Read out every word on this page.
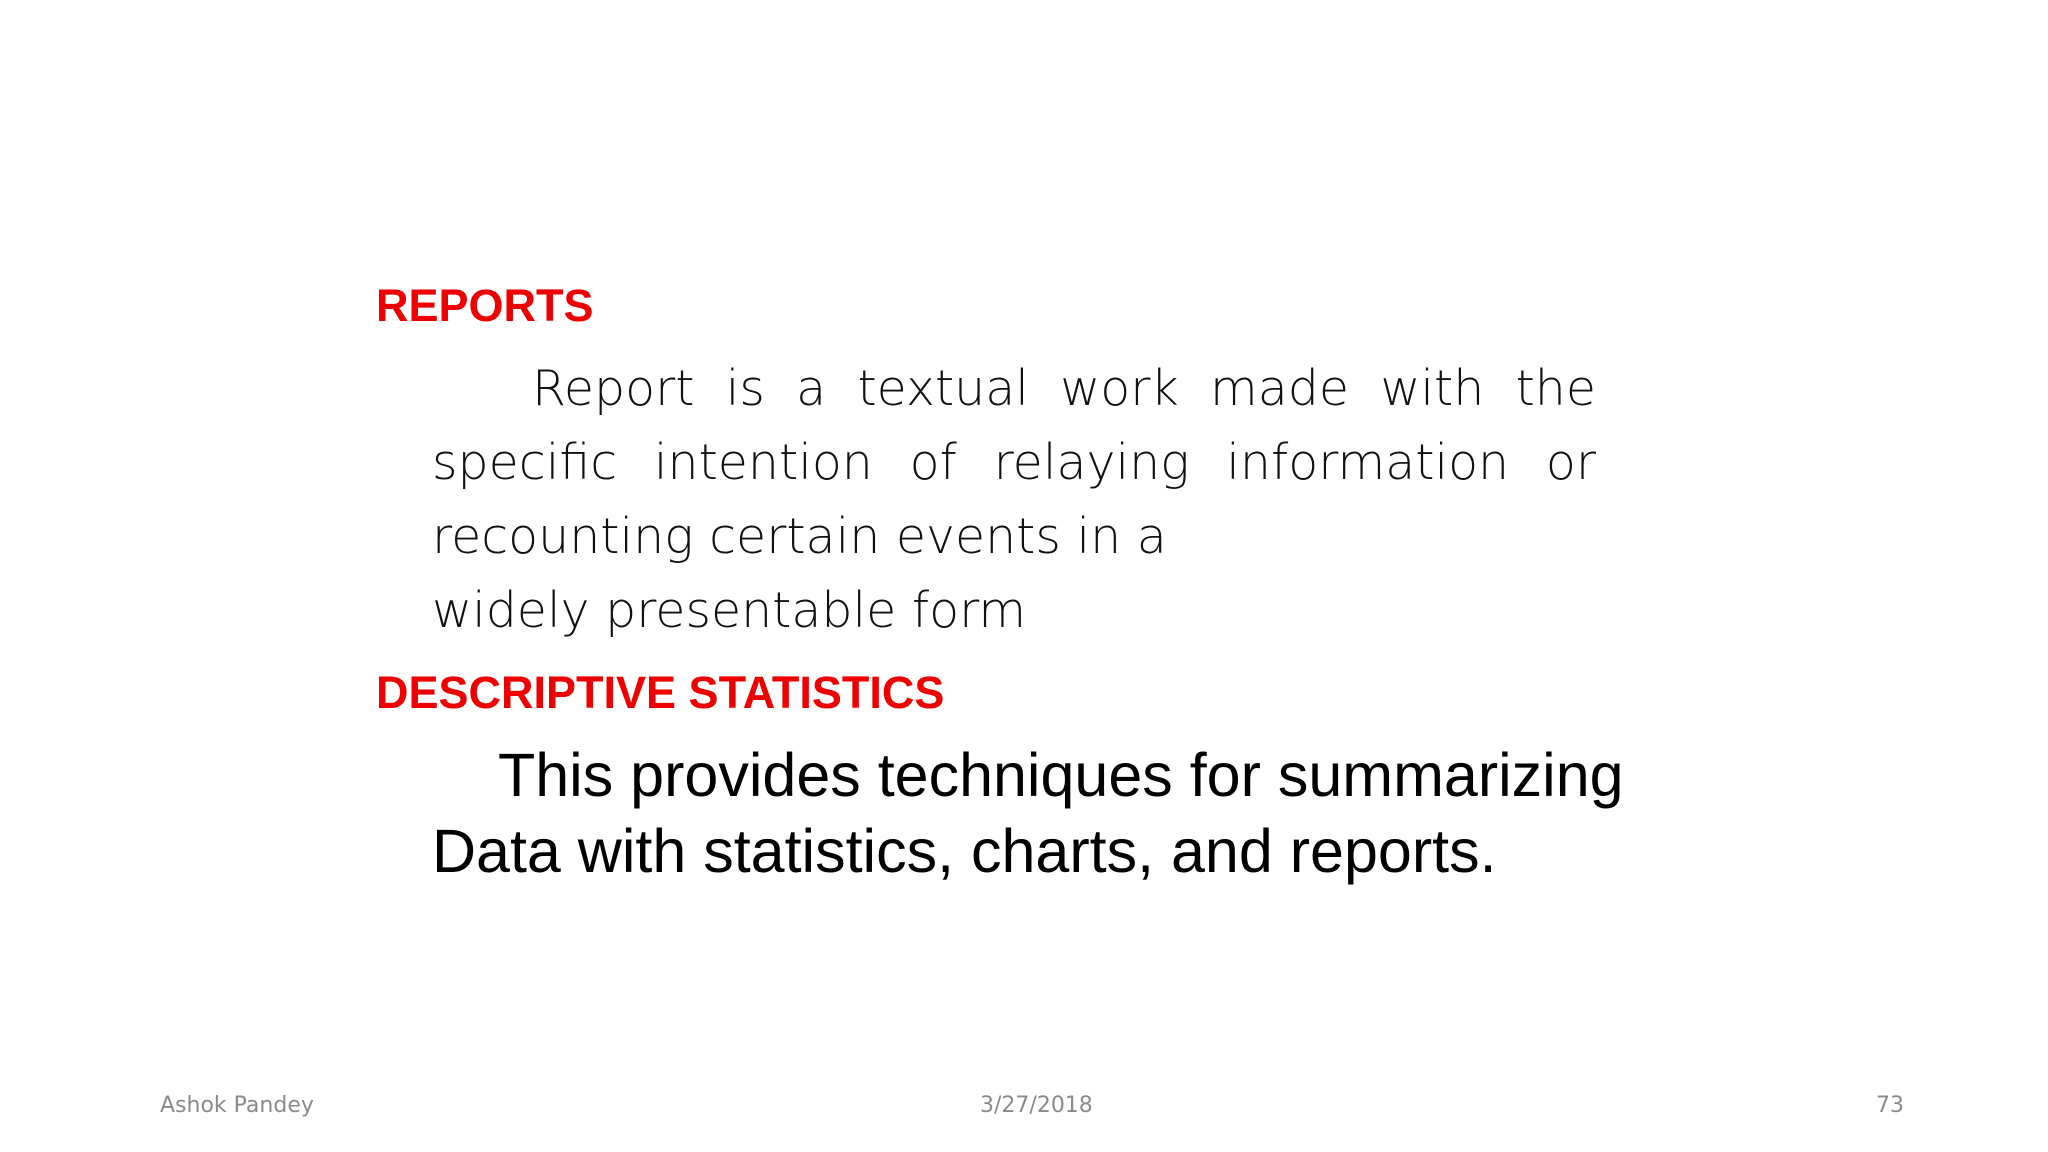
REPORTS
Report is a textual work made with the
specific intention of relaying information or
recounting certain events in a
widely presentable form
DESCRIPTIVE STATISTICS
This provides techniques for summarizing
Data with statistics, charts, and reports.
Ashok Pandey	3/27/2018	73
